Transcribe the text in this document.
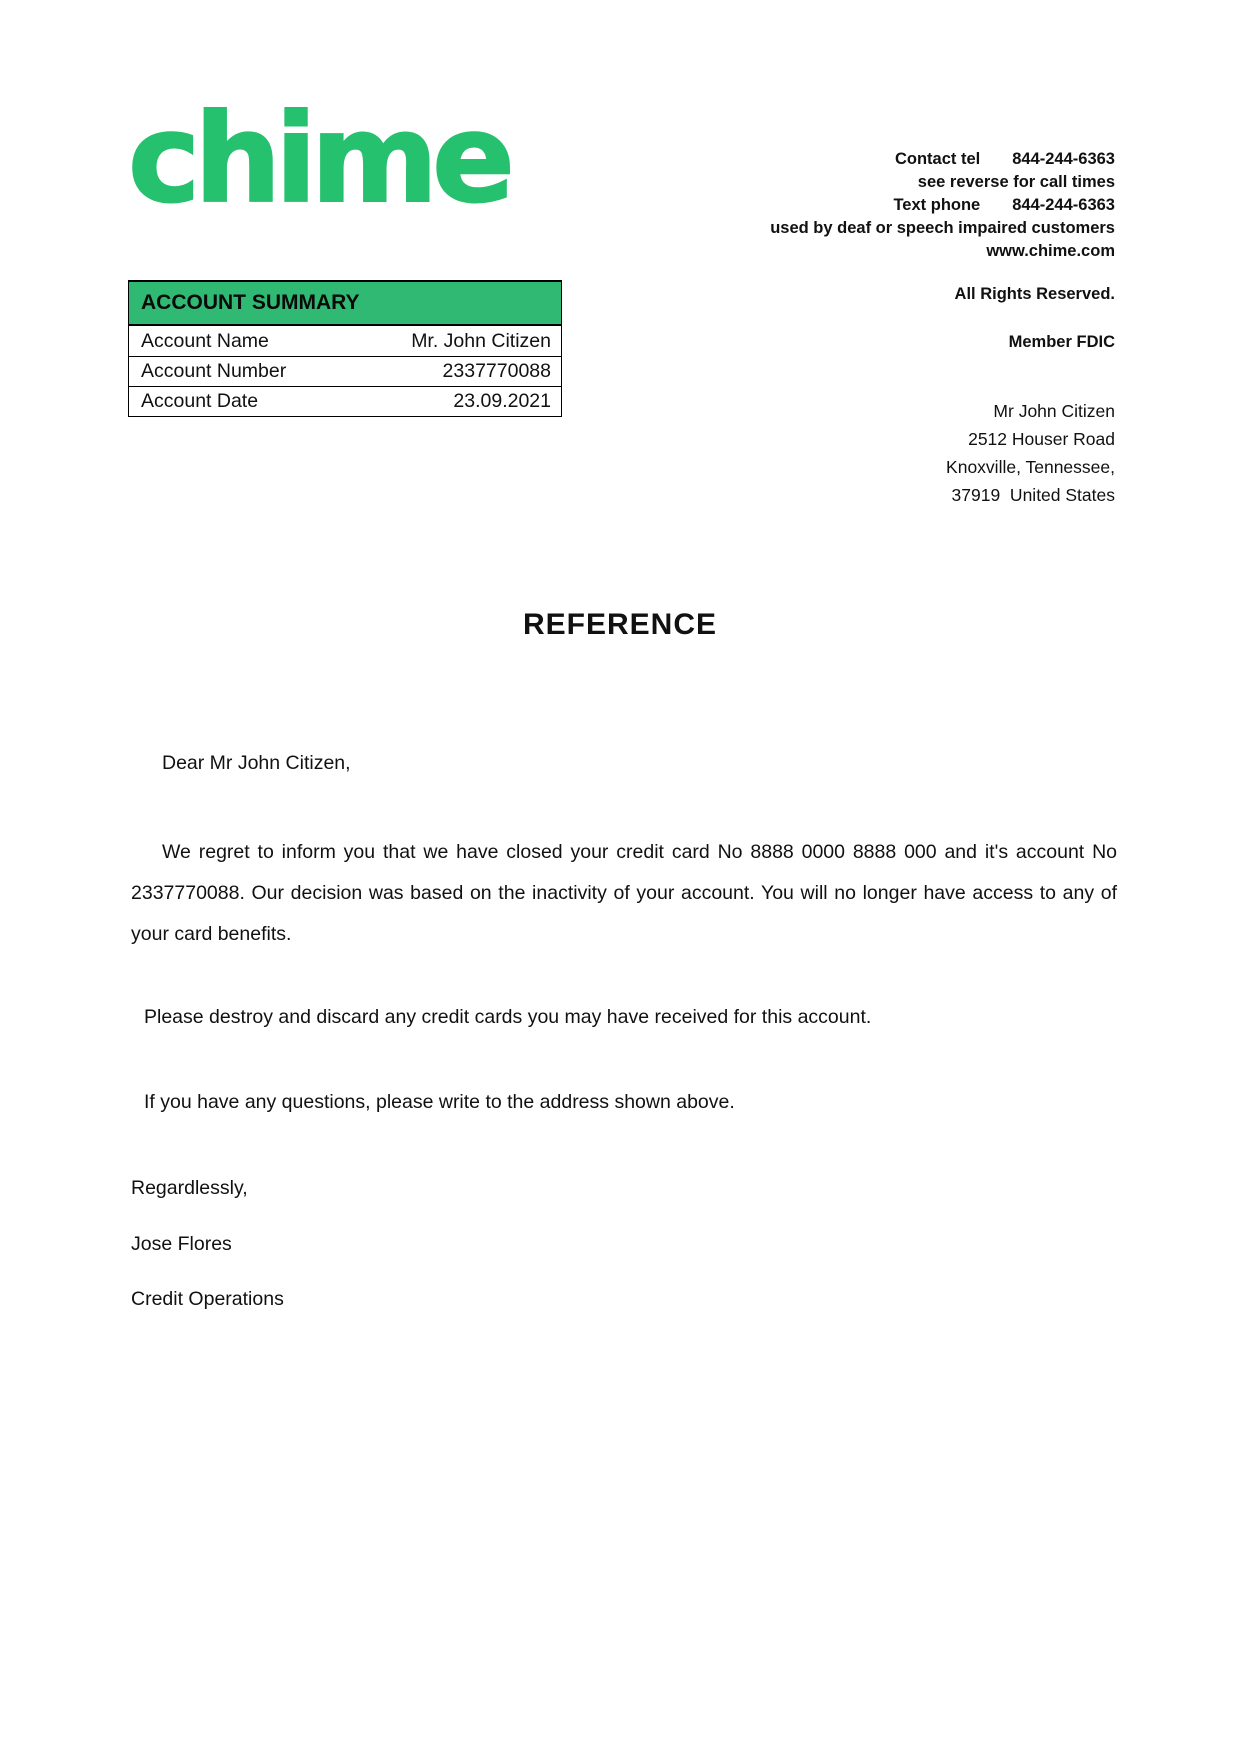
chime	Contact tel 844-244-6363
see reverse for call times
Text phone 844-244-6363
used by deaf or speech impaired customers
www.chime.com
All Rights Reserved.
Member FDIC
Mr John Citizen
2512 Houser Road
Knoxville, Tennessee,
37919  United States
ACCOUNT SUMMARY
Account Name	Mr. John Citizen
Account Number	2337770088
Account Date	23.09.2021
REFERENCE
Dear Mr John Citizen,
We regret to inform you that we have closed your credit card No 8888 0000 8888 000 and it's account No 2337770088. Our decision was based on the inactivity of your account. You will no longer have access to any of your card benefits.
Please destroy and discard any credit cards you may have received for this account.
If you have any questions, please write to the address shown above.
Regardlessly,
Jose Flores
Credit Operations
